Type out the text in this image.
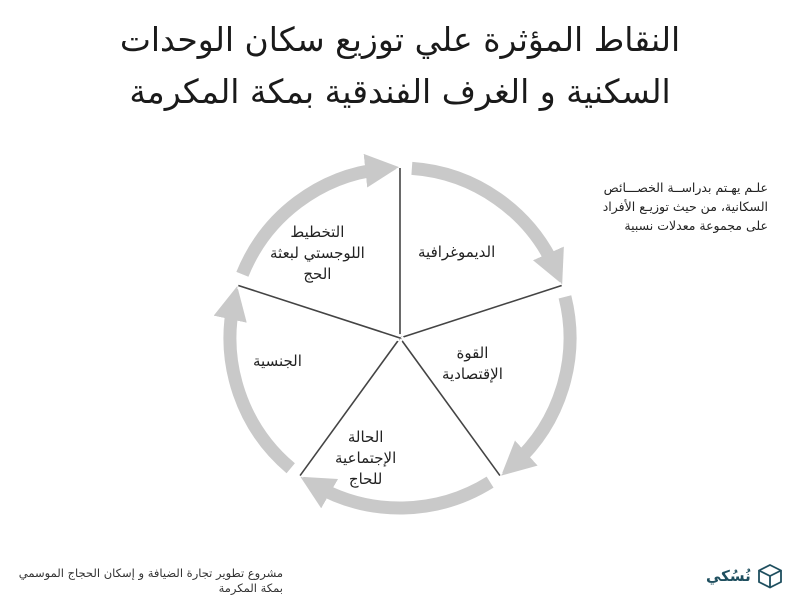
النقاط المؤثرة علي توزيع سكان الوحدات
السكنية و الغرف الفندقية بمكة المكرمة
الديموغرافية
القوة
الإقتصادية
الحالة
الإجتماعية
للحاج
الجنسية
التخطيط
اللوجستي لبعثة
الحج
علـم يهـتم بدراســة الخصـــائص
السكانية، من حيث توزيـع الأفراد
على مجموعة معدلات نسبية
مشروع تطوير تجارة الضيافة و إسكان الحجاج الموسمي
بمكة المكرمة
نُسُكي
